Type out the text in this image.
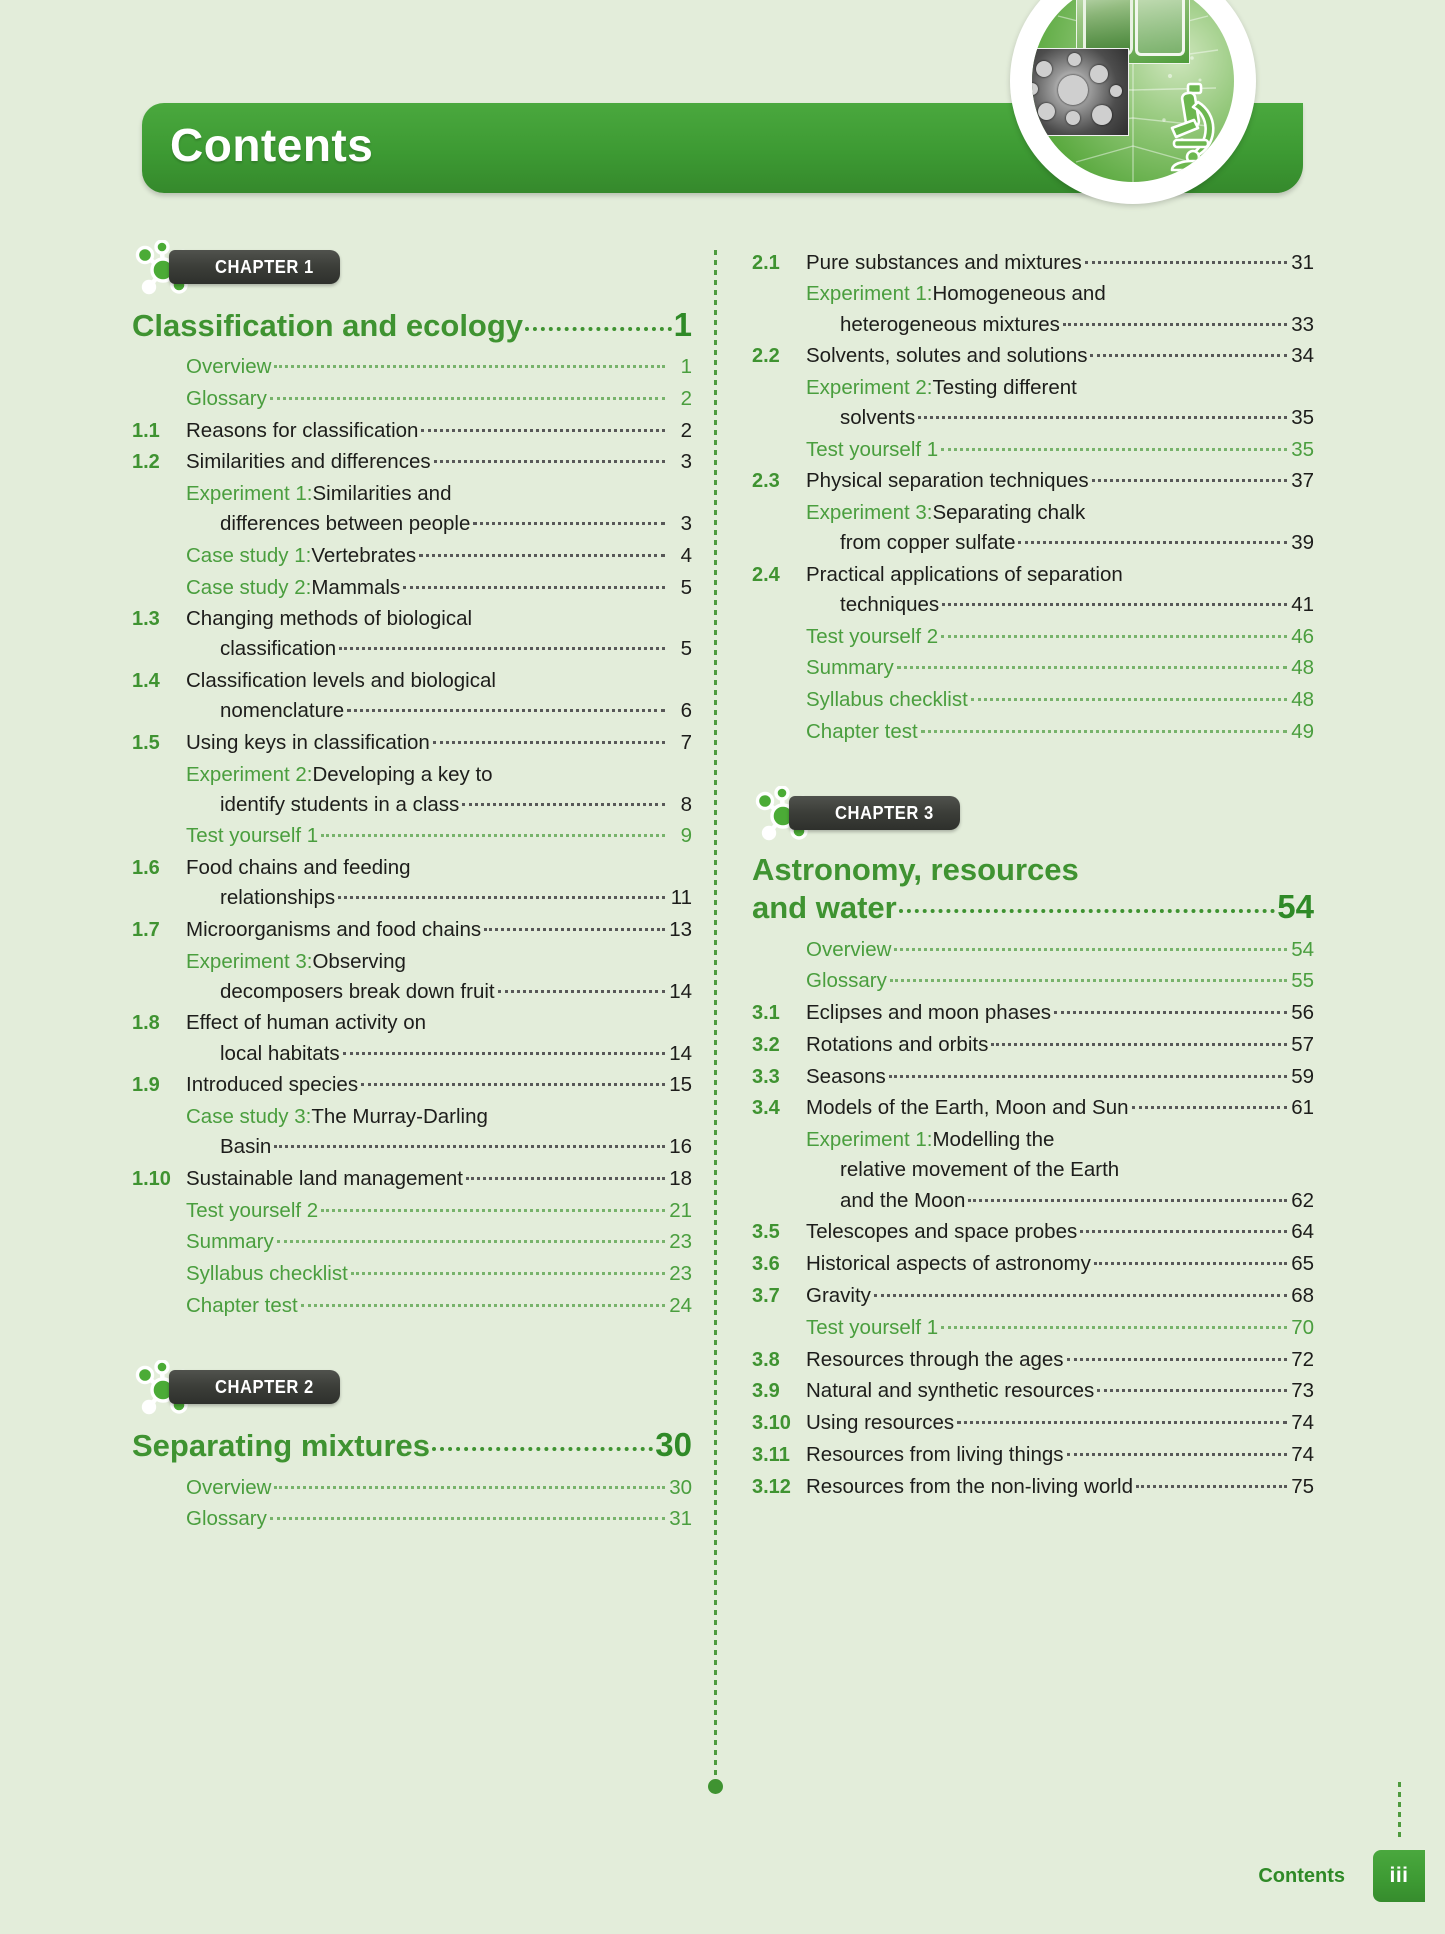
Contents
CHAPTER 1
Classification and ecology	1
Overview	1
Glossary	2
1.1	Reasons for classification	2
1.2	Similarities and differences	3
Experiment 1: Similarities and
differences between people	3
Case study 1: Vertebrates	4
Case study 2: Mammals	5
1.3	Changing methods of biological
classification	5
1.4	Classification levels and biological
nomenclature	6
1.5	Using keys in classification	7
Experiment 2: Developing a key to
identify students in a class	8
Test yourself 1	9
1.6	Food chains and feeding
relationships	11
1.7	Microorganisms and food chains	13
Experiment 3: Observing
decomposers break down fruit	14
1.8	Effect of human activity on
local habitats	14
1.9	Introduced species	15
Case study 3: The Murray-Darling
Basin	16
1.10 Sustainable land management	18
Test yourself 2	21
Summary	23
Syllabus checklist	23
Chapter test	24
CHAPTER 2
Separating mixtures	30
Overview	30
Glossary	31
2.1	Pure substances and mixtures	31
Experiment 1: Homogeneous and
heterogeneous mixtures	33
2.2	Solvents, solutes and solutions	34
Experiment 2: Testing different
solvents	35
Test yourself 1	35
2.3	Physical separation techniques	37
Experiment 3: Separating chalk
from copper sulfate	39
2.4	Practical applications of separation
techniques	41
Test yourself 2	46
Summary	48
Syllabus checklist	48
Chapter test	49
CHAPTER 3
Astronomy, resources
and water	54
Overview	54
Glossary	55
3.1	Eclipses and moon phases	56
3.2	Rotations and orbits	57
3.3	Seasons	59
3.4	Models of the Earth, Moon and Sun	61
Experiment 1: Modelling the
relative movement of the Earth
and the Moon	62
3.5	Telescopes and space probes	64
3.6	Historical aspects of astronomy	65
3.7	Gravity	68
Test yourself 1	70
3.8	Resources through the ages	72
3.9	Natural and synthetic resources	73
3.10 Using resources	74
3.11 Resources from living things	74
3.12 Resources from the non-living world	75
Contents iii
